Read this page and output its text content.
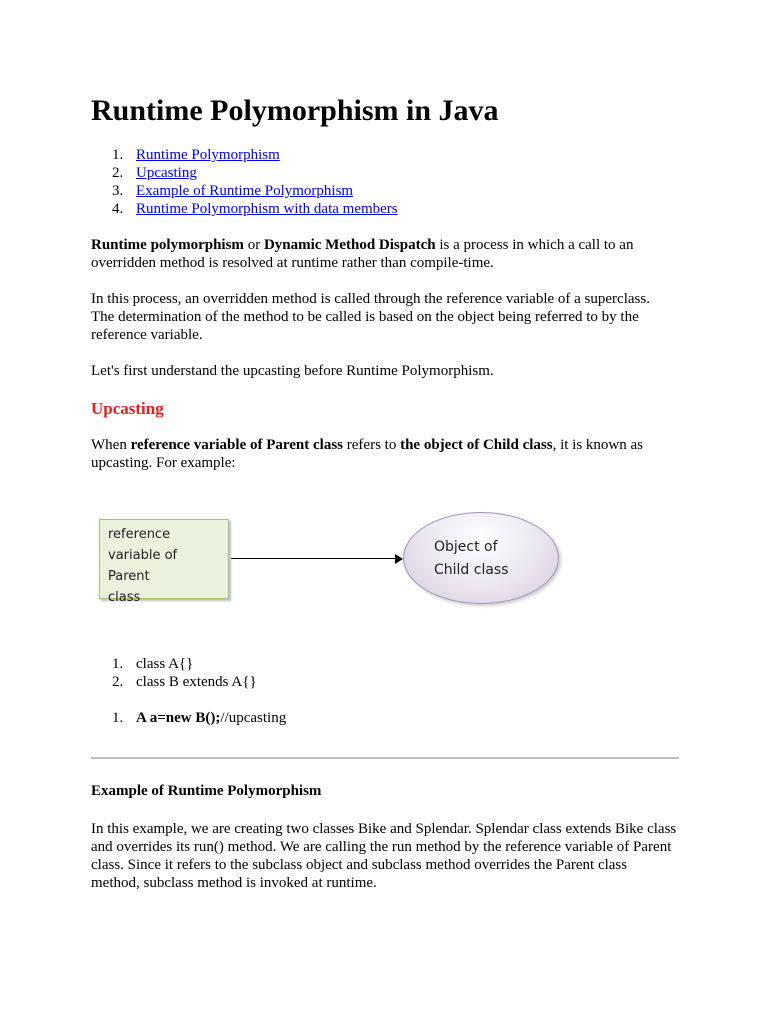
Runtime Polymorphism in Java
1. Runtime Polymorphism
2. Upcasting
3. Example of Runtime Polymorphism
4. Runtime Polymorphism with data members

Runtime polymorphism or Dynamic Method Dispatch is a process in which a call to an overridden method is resolved at runtime rather than compile-time.

In this process, an overridden method is called through the reference variable of a superclass. The determination of the method to be called is based on the object being referred to by the reference variable.

Let's first understand the upcasting before Runtime Polymorphism.

Upcasting

When reference variable of Parent class refers to the object of Child class, it is known as upcasting. For example:

reference
variable of Parent
class
Object of
Child class
1. class A{}
2. class B extends A{}
1. A a=new B();//upcasting
Example of Runtime Polymorphism

In this example, we are creating two classes Bike and Splendar. Splendar class extends Bike class and overrides its run() method. We are calling the run method by the reference variable of Parent class. Since it refers to the subclass object and subclass method overrides the Parent class method, subclass method is invoked at runtime.
